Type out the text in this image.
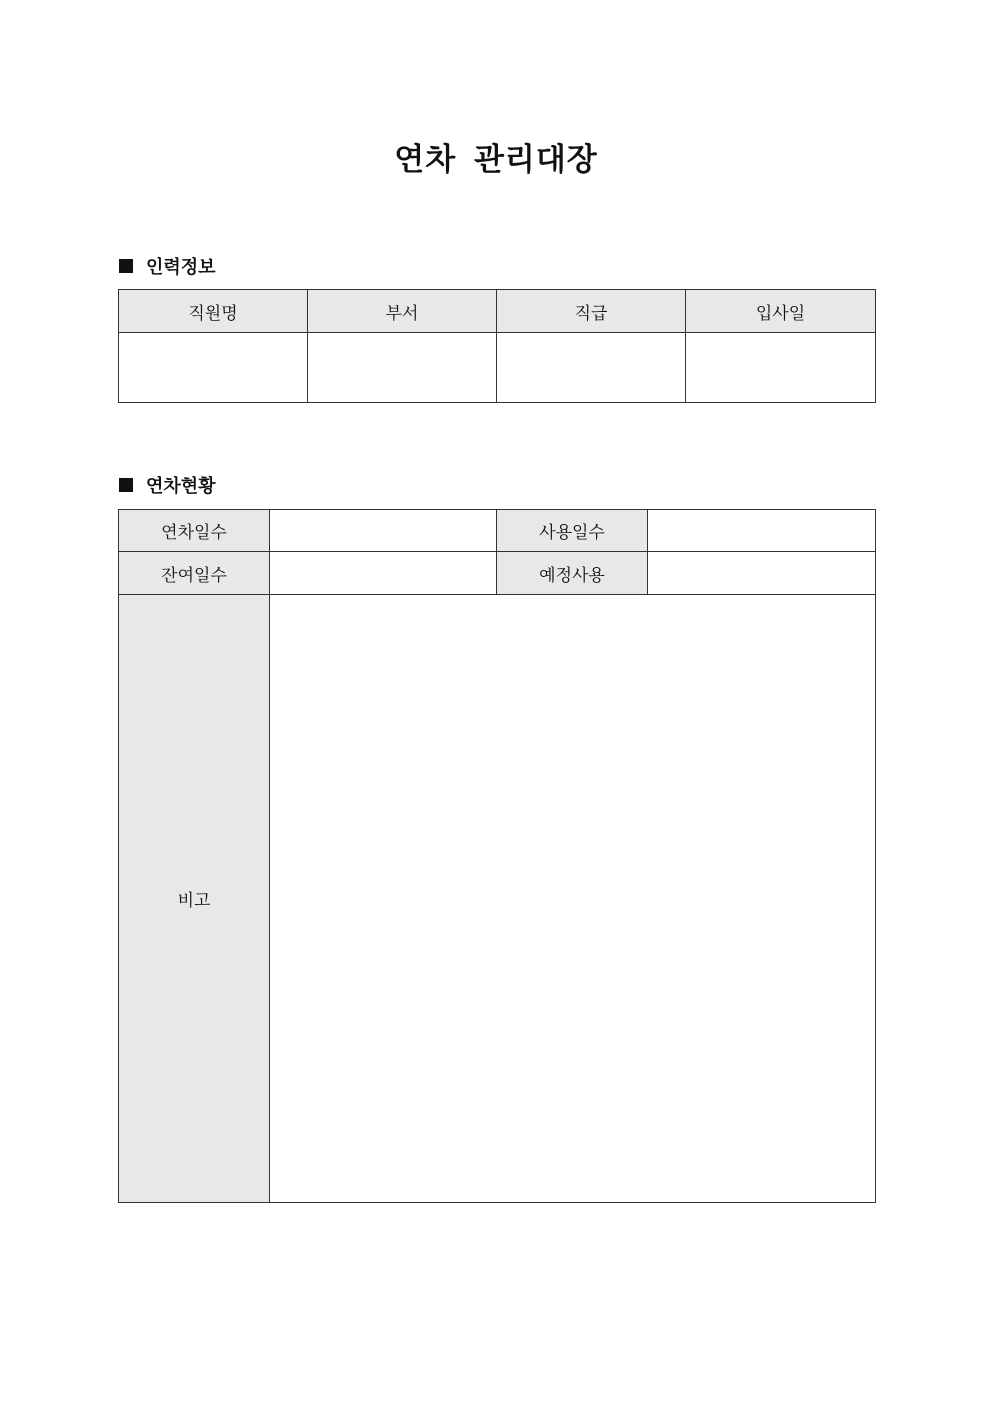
연차 관리대장
인력정보
직원명	부서	직급	입사일

연차현황
연차일수		사용일수	
잔여일수		예정사용	
비고			
